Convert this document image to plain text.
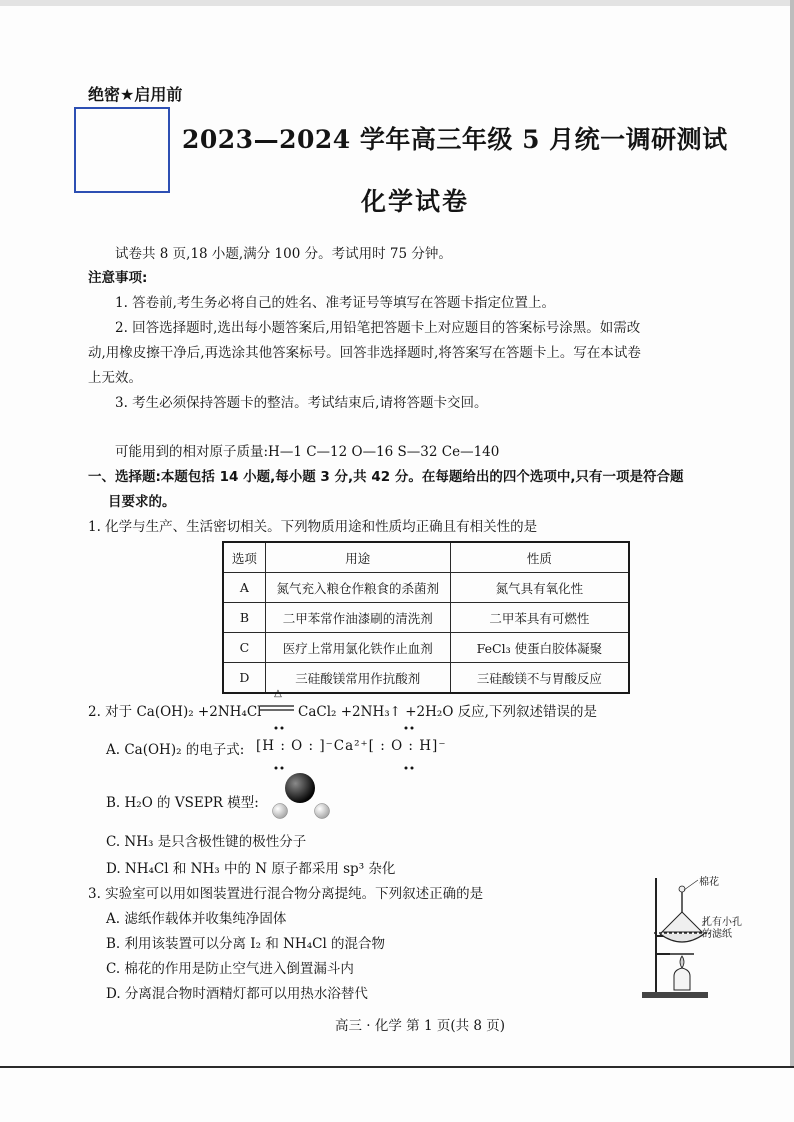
绝密★启用前
2023—2024 学年高三年级 5 月统一调研测试
化学试卷
试卷共 8 页,18 小题,满分 100 分。考试用时 75 分钟。
注意事项:
1. 答卷前,考生务必将自己的姓名、准考证号等填写在答题卡指定位置上。
2. 回答选择题时,选出每小题答案后,用铅笔把答题卡上对应题目的答案标号涂黑。如需改
动,用橡皮擦干净后,再选涂其他答案标号。回答非选择题时,将答案写在答题卡上。写在本试卷
上无效。
3. 考生必须保持答题卡的整洁。考试结束后,请将答题卡交回。
可能用到的相对原子质量:H—1 C—12 O—16 S—32 Ce—140
一、选择题:本题包括 14 小题,每小题 3 分,共 42 分。在每题给出的四个选项中,只有一项是符合题
目要求的。
1. 化学与生产、生活密切相关。下列物质用途和性质均正确且有相关性的是
选项	用途	性质
A	氮气充入粮仓作粮食的杀菌剂	氮气具有氧化性
B	二甲苯常作油漆刷的清洗剂	二甲苯具有可燃性
C	医疗上常用氯化铁作止血剂	FeCl₃ 使蛋白胶体凝聚
D	三硅酸镁常用作抗酸剂	三硅酸镁不与胃酸反应
2. 对于 Ca(OH)₂ +2NH₄Cl
△
CaCl₂ +2NH₃↑ +2H₂O 反应,下列叙述错误的是
A. Ca(OH)₂ 的电子式: [H : O : ]⁻Ca²⁺[ : O : H]⁻
B. H₂O 的 VSEPR 模型:
C. NH₃ 是只含极性键的极性分子
D. NH₄Cl 和 NH₃ 中的 N 原子都采用 sp³ 杂化
3. 实验室可以用如图装置进行混合物分离提纯。下列叙述正确的是
A. 滤纸作载体并收集纯净固体
B. 利用该装置可以分离 I₂ 和 NH₄Cl 的混合物
C. 棉花的作用是防止空气进入倒置漏斗内
D. 分离混合物时酒精灯都可以用热水浴替代
棉花
扎有小孔
的滤纸
高三 · 化学 第 1 页(共 8 页)
